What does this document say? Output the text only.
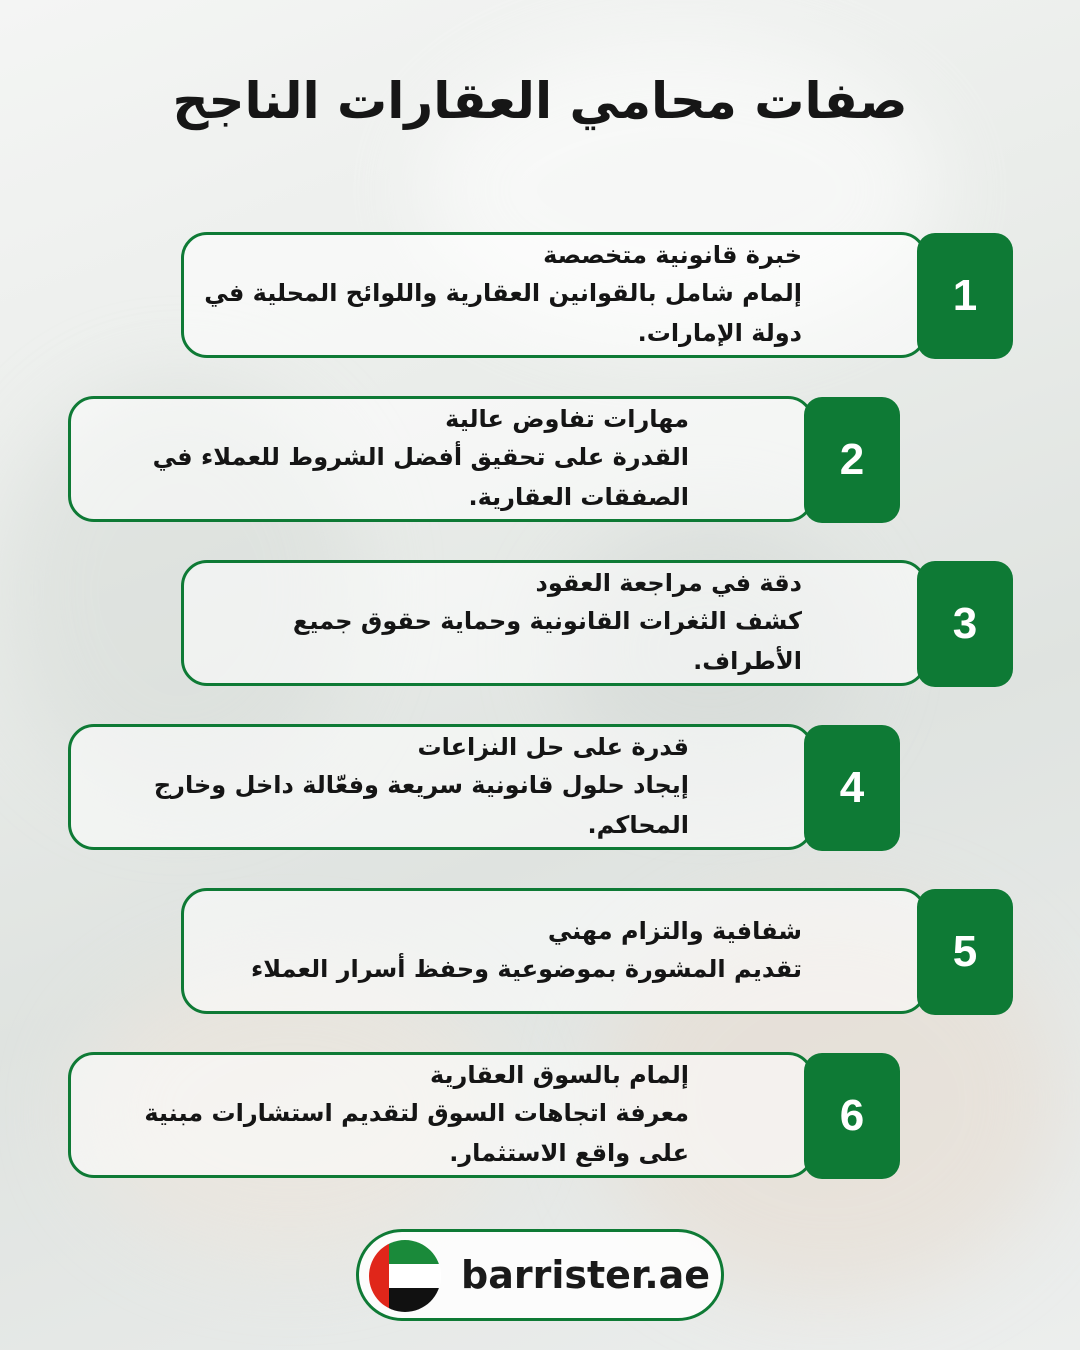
صفات محامي العقارات الناجح
خبرة قانونية متخصصة
إلمام شامل بالقوانين العقارية واللوائح المحلية في دولة الإمارات.
1
مهارات تفاوض عالية
القدرة على تحقيق أفضل الشروط للعملاء في الصفقات العقارية.
2
دقة في مراجعة العقود
كشف الثغرات القانونية وحماية حقوق جميع الأطراف.
3
قدرة على حل النزاعات
إيجاد حلول قانونية سريعة وفعّالة داخل وخارج المحاكم.
4
شفافية والتزام مهني
تقديم المشورة بموضوعية وحفظ أسرار العملاء	5
إلمام بالسوق العقارية
معرفة اتجاهات السوق لتقديم استشارات مبنية على واقع الاستثمار.
6
barrister.ae
